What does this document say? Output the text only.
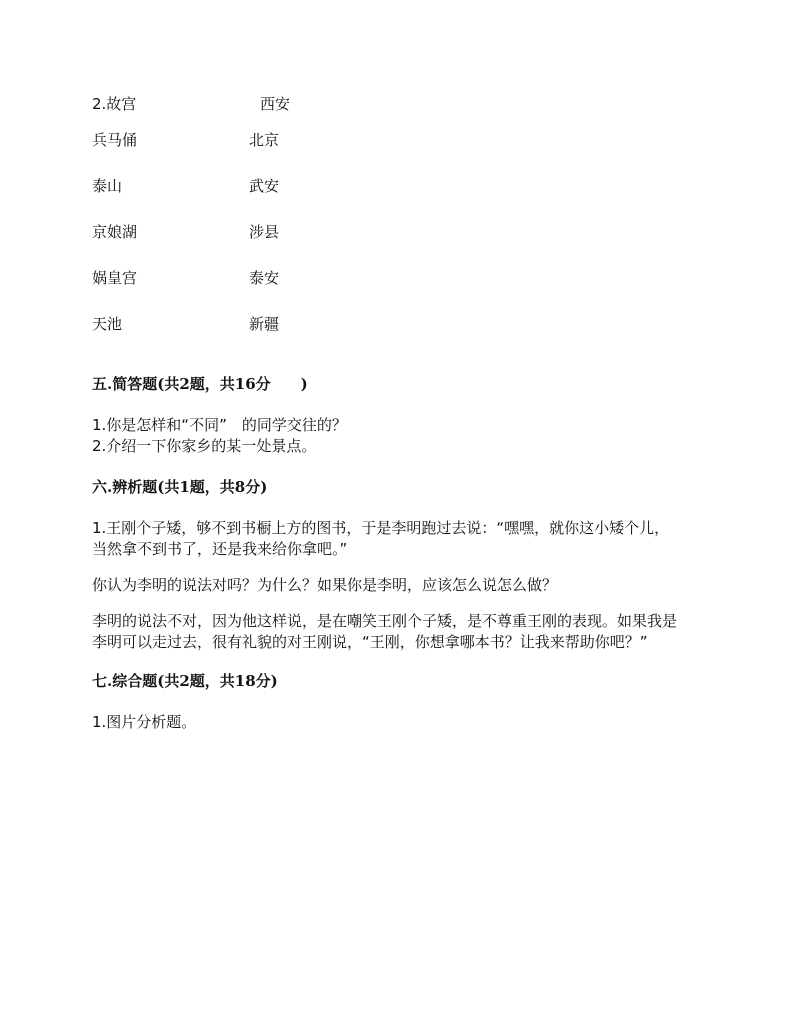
2.故宫	西安
兵马俑	北京
泰山	武安
京娘湖	涉县
娲皇宫	泰安
天池	新疆
五.简答题(共2题，共16分　　)
1.你是怎样和“不同”　的同学交往的？
2.介绍一下你家乡的某一处景点。
六.辨析题(共1题，共8分)
1.王刚个子矮，够不到书橱上方的图书，于是李明跑过去说：“嘿嘿，就你这小矮个儿，
当然拿不到书了，还是我来给你拿吧。”
你认为李明的说法对吗？为什么？如果你是李明，应该怎么说怎么做？
李明的说法不对，因为他这样说，是在嘲笑王刚个子矮，是不尊重王刚的表现。如果我是
李明可以走过去，很有礼貌的对王刚说，“王刚，你想拿哪本书？让我来帮助你吧？”
七.综合题(共2题，共18分)
1.图片分析题。
